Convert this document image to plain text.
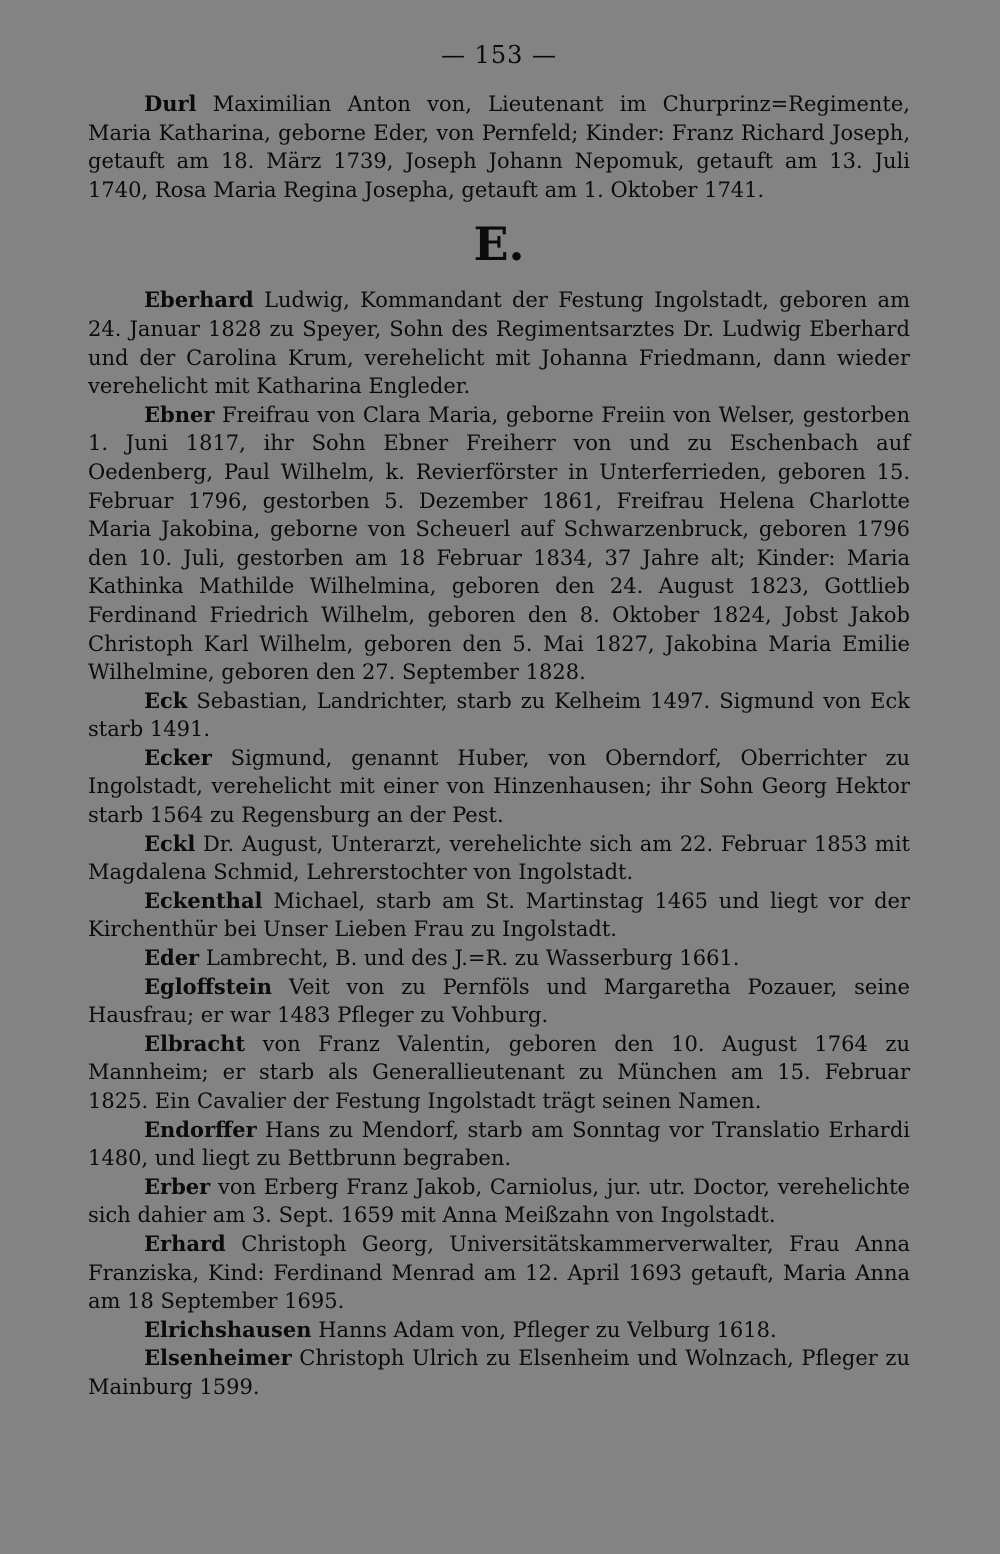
— 153 —

Durl Maximilian Anton von, Lieutenant im Churprinz=Regimente, Maria Katharina, geborne Eder, von Pernfeld; Kinder: Franz Richard Joseph, getauft am 18. März 1739, Joseph Johann Nepomuk, getauft am 13. Juli 1740, Rosa Maria Regina Josepha, getauft am 1. Oktober 1741.

E.

Eberhard Ludwig, Kommandant der Festung Ingolstadt, geboren am 24. Januar 1828 zu Speyer, Sohn des Regimentsarztes Dr. Ludwig Eberhard und der Carolina Krum, verehelicht mit Johanna Friedmann, dann wieder verehelicht mit Katharina Engleder.

Ebner Freifrau von Clara Maria, geborne Freiin von Welser, gestorben 1. Juni 1817, ihr Sohn Ebner Freiherr von und zu Eschenbach auf Oedenberg, Paul Wilhelm, k. Revierförster in Unterferrieden, geboren 15. Februar 1796, gestorben 5. Dezember 1861, Freifrau Helena Charlotte Maria Jakobina, geborne von Scheuerl auf Schwarzenbruck, geboren 1796 den 10. Juli, gestorben am 18 Februar 1834, 37 Jahre alt; Kinder: Maria Kathinka Mathilde Wilhelmina, geboren den 24. August 1823, Gottlieb Ferdinand Friedrich Wilhelm, geboren den 8. Oktober 1824, Jobst Jakob Christoph Karl Wilhelm, geboren den 5. Mai 1827, Jakobina Maria Emilie Wilhelmine, geboren den 27. September 1828.

Eck Sebastian, Landrichter, starb zu Kelheim 1497. Sigmund von Eck starb 1491.

Ecker Sigmund, genannt Huber, von Oberndorf, Oberrichter zu Ingolstadt, verehelicht mit einer von Hinzenhausen; ihr Sohn Georg Hektor starb 1564 zu Regensburg an der Pest.

Eckl Dr. August, Unterarzt, verehelichte sich am 22. Februar 1853 mit Magdalena Schmid, Lehrerstochter von Ingolstadt.

Eckenthal Michael, starb am St. Martinstag 1465 und liegt vor der Kirchenthür bei Unser Lieben Frau zu Ingolstadt.

Eder Lambrecht, B. und des J.=R. zu Wasserburg 1661.

Egloffstein Veit von zu Pernföls und Margaretha Pozauer, seine Hausfrau; er war 1483 Pfleger zu Vohburg.

Elbracht von Franz Valentin, geboren den 10. August 1764 zu Mannheim; er starb als Generallieutenant zu München am 15. Februar 1825. Ein Cavalier der Festung Ingolstadt trägt seinen Namen.

Endorffer Hans zu Mendorf, starb am Sonntag vor Translatio Erhardi 1480, und liegt zu Bettbrunn begraben.

Erber von Erberg Franz Jakob, Carniolus, jur. utr. Doctor, verehelichte sich dahier am 3. Sept. 1659 mit Anna Meißzahn von Ingolstadt.

Erhard Christoph Georg, Universitätskammerverwalter, Frau Anna Franziska, Kind: Ferdinand Menrad am 12. April 1693 getauft, Maria Anna am 18 September 1695.

Elrichshausen Hanns Adam von, Pfleger zu Velburg 1618.

Elsenheimer Christoph Ulrich zu Elsenheim und Wolnzach, Pfleger zu Mainburg 1599.
